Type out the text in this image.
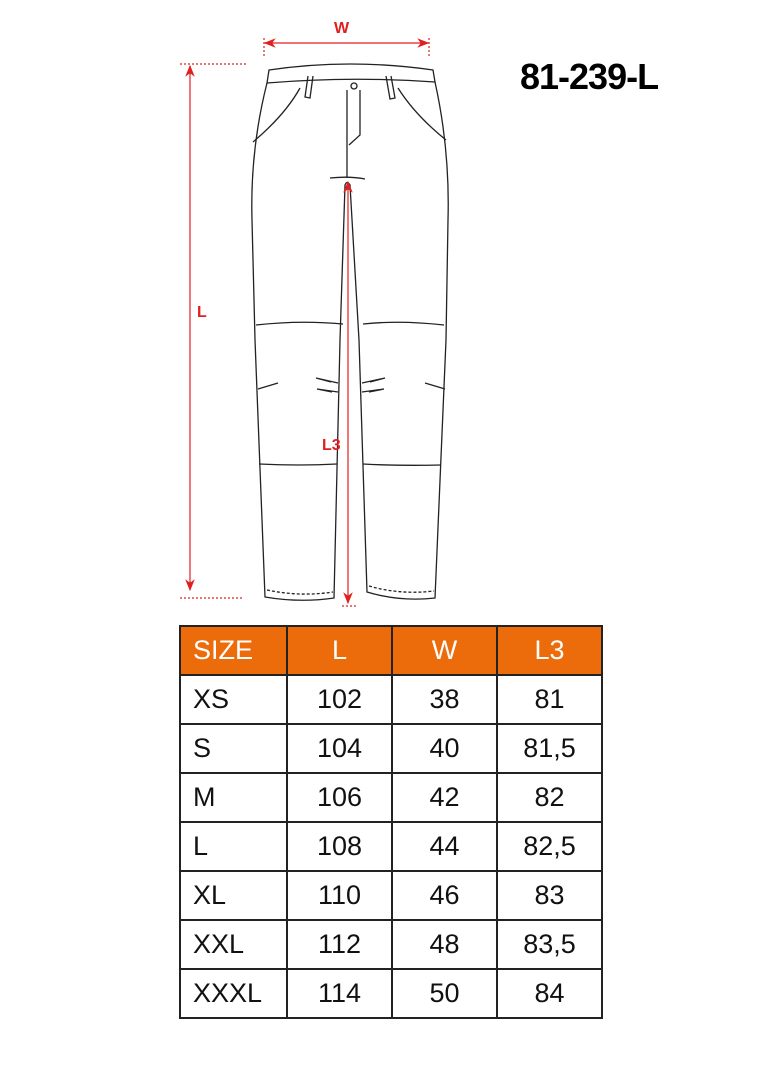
81-239-L
W
L
L3
SIZE	L	W	L3
XS	102	38	81
S	104	40	81,5
M	106	42	82
L	108	44	82,5
XL	110	46	83
XXL	112	48	83,5
XXXL	114	50	84
